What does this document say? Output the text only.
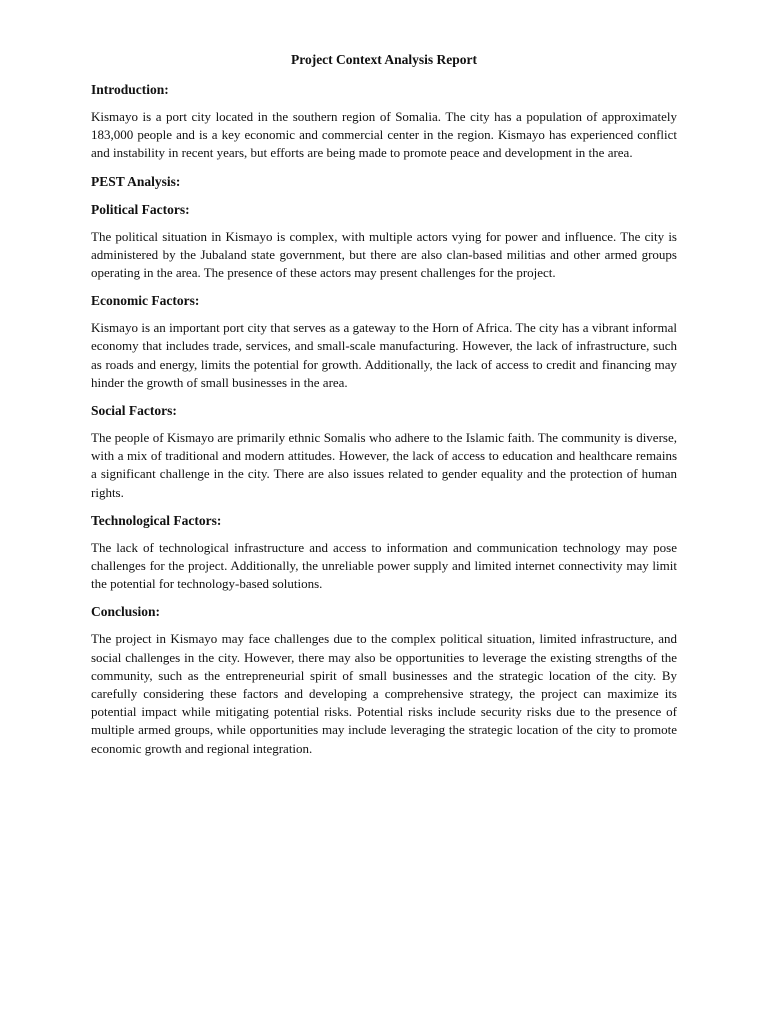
Project Context Analysis Report
Introduction:
Kismayo is a port city located in the southern region of Somalia. The city has a population of approximately 183,000 people and is a key economic and commercial center in the region. Kismayo has experienced conflict and instability in recent years, but efforts are being made to promote peace and development in the area.
PEST Analysis:
Political Factors:
The political situation in Kismayo is complex, with multiple actors vying for power and influence. The city is administered by the Jubaland state government, but there are also clan-based militias and other armed groups operating in the area. The presence of these actors may present challenges for the project.
Economic Factors:
Kismayo is an important port city that serves as a gateway to the Horn of Africa. The city has a vibrant informal economy that includes trade, services, and small-scale manufacturing. However, the lack of infrastructure, such as roads and energy, limits the potential for growth. Additionally, the lack of access to credit and financing may hinder the growth of small businesses in the area.
Social Factors:
The people of Kismayo are primarily ethnic Somalis who adhere to the Islamic faith. The community is diverse, with a mix of traditional and modern attitudes. However, the lack of access to education and healthcare remains a significant challenge in the city. There are also issues related to gender equality and the protection of human rights.
Technological Factors:
The lack of technological infrastructure and access to information and communication technology may pose challenges for the project. Additionally, the unreliable power supply and limited internet connectivity may limit the potential for technology-based solutions.
Conclusion:
The project in Kismayo may face challenges due to the complex political situation, limited infrastructure, and social challenges in the city. However, there may also be opportunities to leverage the existing strengths of the community, such as the entrepreneurial spirit of small businesses and the strategic location of the city. By carefully considering these factors and developing a comprehensive strategy, the project can maximize its potential impact while mitigating potential risks. Potential risks include security risks due to the presence of multiple armed groups, while opportunities may include leveraging the strategic location of the city to promote economic growth and regional integration.
